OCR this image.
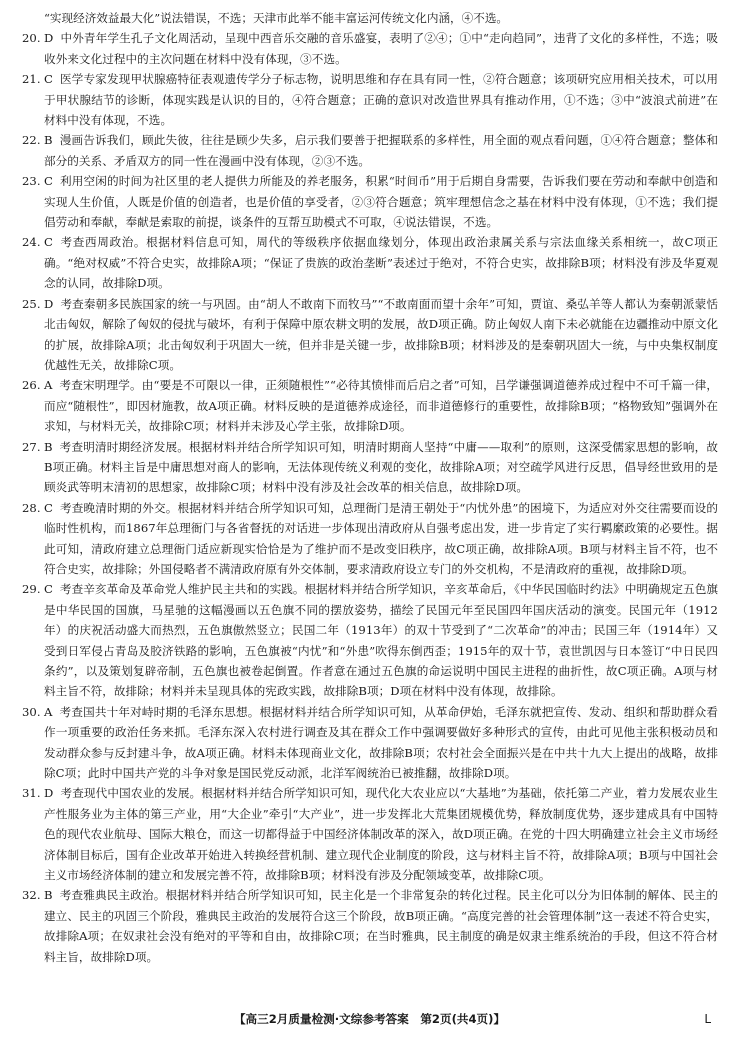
“实现经济效益最大化”说法错误，不选；天津市此举不能丰富运河传统文化内涵，④不选。
20. D 中外青年学生孔子文化周活动，呈现中西音乐交融的音乐盛宴，表明了②④；①中“走向趋同”，违背了文化的多样性，不选；吸收外来文化过程中的主次问题在材料中没有体现，③不选。
21. C 医学专家发现甲状腺癌特征表观遗传学分子标志物，说明思维和存在具有同一性，②符合题意；该项研究应用相关技术，可以用于甲状腺结节的诊断，体现实践是认识的目的，④符合题意；正确的意识对改造世界具有推动作用，①不选；③中“波浪式前进”在材料中没有体现，不选。
22. B 漫画告诉我们，顾此失彼，往往是顾少失多，启示我们要善于把握联系的多样性，用全面的观点看问题，①④符合题意；整体和部分的关系、矛盾双方的同一性在漫画中没有体现，②③不选。
23. C 利用空闲的时间为社区里的老人提供力所能及的养老服务，积累“时间币”用于后期自身需要，告诉我们要在劳动和奉献中创造和实现人生价值，人既是价值的创造者，也是价值的享受者，②③符合题意；筑牢理想信念之基在材料中没有体现，①不选；我们提倡劳动和奉献，奉献是索取的前提，谈条件的互帮互助模式不可取，④说法错误，不选。
24. C 考查西周政治。根据材料信息可知，周代的等级秩序依据血缘划分，体现出政治隶属关系与宗法血缘关系相统一，故C项正确。“绝对权威”不符合史实，故排除A项；“保证了贵族的政治垄断”表述过于绝对，不符合史实，故排除B项；材料没有涉及华夏观念的认同，故排除D项。
25. D 考查秦朝多民族国家的统一与巩固。由“胡人不敢南下而牧马”“不敢南面而望十余年”可知，贾谊、桑弘羊等人都认为秦朝派蒙恬北击匈奴，解除了匈奴的侵扰与破坏，有利于保障中原农耕文明的发展，故D项正确。防止匈奴人南下未必就能在边疆推动中原文化的扩展，故排除A项；北击匈奴利于巩固大一统，但并非是关键一步，故排除B项；材料涉及的是秦朝巩固大一统，与中央集权制度优越性无关，故排除C项。
26. A 考查宋明理学。由“要是不可限以一律，正须随根性”“必待其愤悱而后启之者”可知，吕学谦强调道德养成过程中不可千篇一律，而应“随根性”，即因材施教，故A项正确。材料反映的是道德养成途径，而非道德修行的重要性，故排除B项；“格物致知”强调外在求知，与材料无关，故排除C项；材料并未涉及心学主张，故排除D项。
27. B 考查明清时期经济发展。根据材料并结合所学知识可知，明清时期商人坚持“中庸——取利”的原则，这深受儒家思想的影响，故B项正确。材料主旨是中庸思想对商人的影响，无法体现传统义利观的变化，故排除A项；对空疏学风进行反思，倡导经世致用的是顾炎武等明末清初的思想家，故排除C项；材料中没有涉及社会改革的相关信息，故排除D项。
28. C 考查晚清时期的外交。根据材料并结合所学知识可知，总理衙门是清王朝处于“内忧外患”的困境下，为适应对外交往需要而设的临时性机构，而1867年总理衙门与各省督抚的对话进一步体现出清政府从自强考虑出发，进一步肯定了实行羁縻政策的必要性。据此可知，清政府建立总理衙门适应新现实恰恰是为了维护而不是改变旧秩序，故C项正确，故排除A项。B项与材料主旨不符，也不符合史实，故排除；外国侵略者不满清政府原有外交体制，要求清政府设立专门的外交机构，不是清政府的重视，故排除D项。
29. C 考查辛亥革命及革命党人维护民主共和的实践。根据材料并结合所学知识，辛亥革命后，《中华民国临时约法》中明确规定五色旗是中华民国的国旗，马星驰的这幅漫画以五色旗不同的摆放姿势，描绘了民国元年至民国四年国庆活动的演变。民国元年（1912年）的庆祝活动盛大而热烈，五色旗傲然竖立；民国二年（1913年）的双十节受到了“二次革命”的冲击；民国三年（1914年）又受到日军侵占青岛及胶济铁路的影响，五色旗被“内忧”和“外患”吹得东倒西歪；1915年的双十节，袁世凯因与日本签订“中日民四条约”，以及策划复辟帝制，五色旗也被卷起倒置。作者意在通过五色旗的命运说明中国民主进程的曲折性，故C项正确。A项与材料主旨不符，故排除；材料并未呈现具体的宪政实践，故排除B项；D项在材料中没有体现，故排除。
30. A 考查国共十年对峙时期的毛泽东思想。根据材料并结合所学知识可知，从革命伊始，毛泽东就把宣传、发动、组织和帮助群众看作一项重要的政治任务来抓。毛泽东深入农村进行调查及其在群众工作中强调要做好多种形式的宣传，由此可见他主张积极动员和发动群众参与反封建斗争，故A项正确。材料未体现商业文化，故排除B项；农村社会全面振兴是在中共十九大上提出的战略，故排除C项；此时中国共产党的斗争对象是国民党反动派，北洋军阀统治已被推翻，故排除D项。
31. D 考查现代中国农业的发展。根据材料并结合所学知识可知，现代化大农业应以“大基地”为基础，依托第二产业，着力发展农业生产性服务业为主体的第三产业，用“大企业”牵引“大产业”，进一步发挥北大荒集团规模优势，释放制度优势，逐步建成具有中国特色的现代农业航母、国际大粮仓，而这一切都得益于中国经济体制改革的深入，故D项正确。在党的十四大明确建立社会主义市场经济体制目标后，国有企业改革开始进入转换经营机制、建立现代企业制度的阶段，这与材料主旨不符，故排除A项；B项与中国社会主义市场经济体制的建立和发展完善不符，故排除B项；材料没有涉及分配领域变革，故排除C项。
32. B 考查雅典民主政治。根据材料并结合所学知识可知，民主化是一个非常复杂的转化过程。民主化可以分为旧体制的解体、民主的建立、民主的巩固三个阶段，雅典民主政治的发展符合这三个阶段，故B项正确。“高度完善的社会管理体制”这一表述不符合史实，故排除A项；在奴隶社会没有绝对的平等和自由，故排除C项；在当时雅典，民主制度的确是奴隶主维系统治的手段，但这不符合材料主旨，故排除D项。
【高三2月质量检测·文综参考答案　第2页(共4页)】	L
